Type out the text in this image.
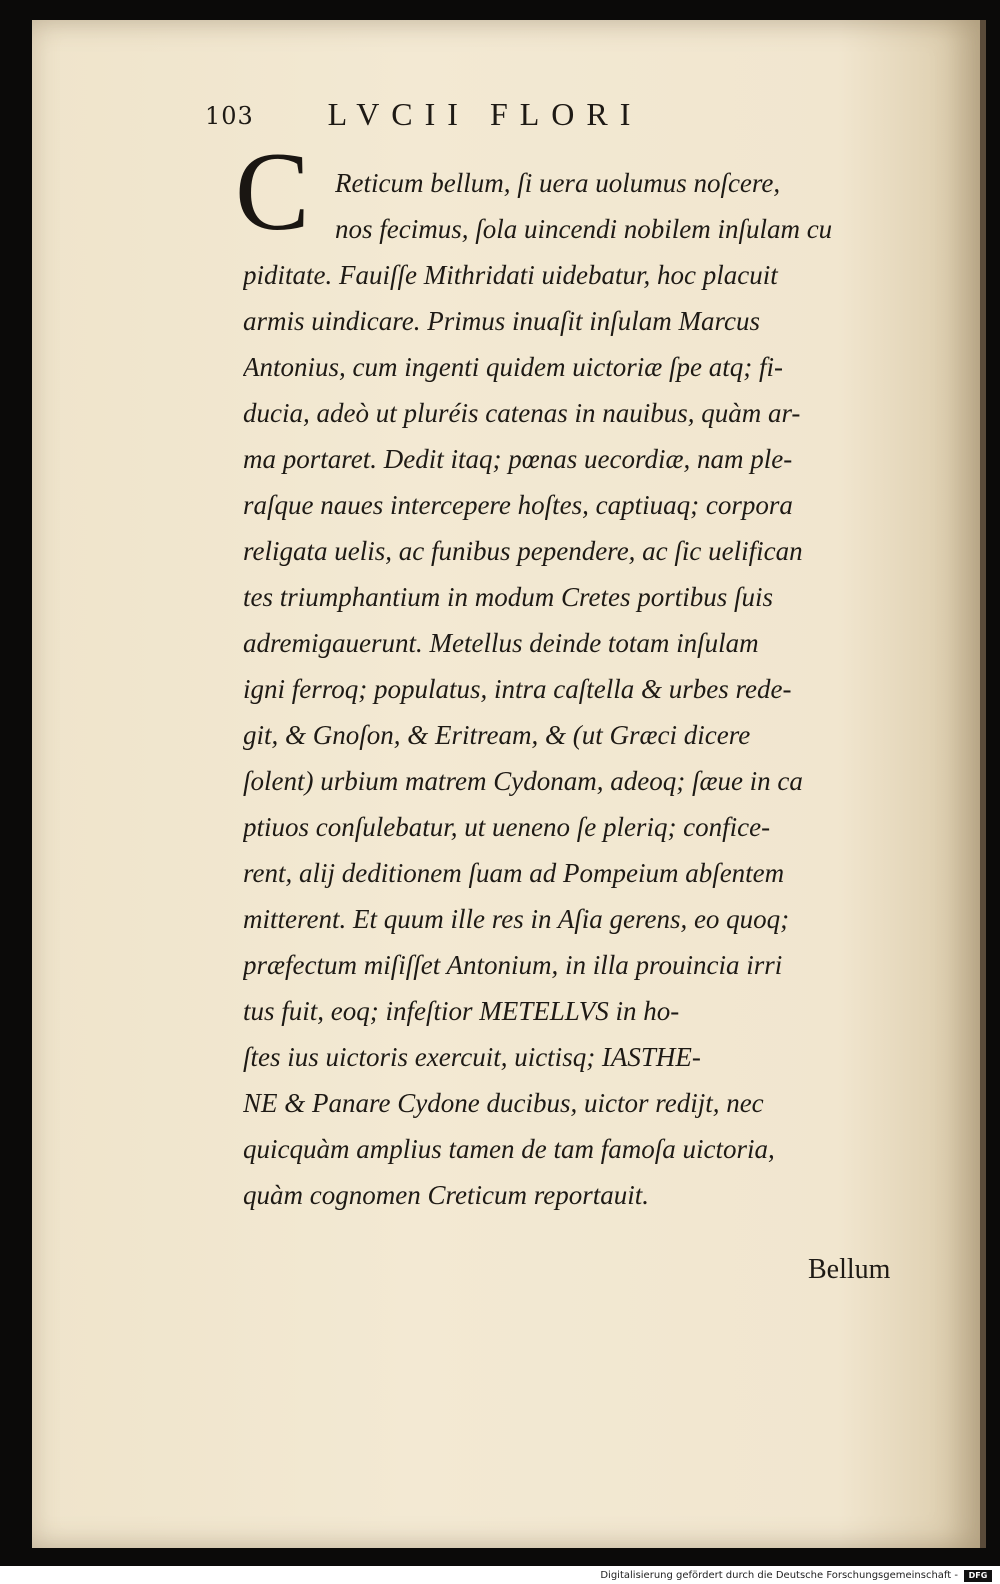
103	LVCII FLORI
C Reticum bellum, ſi uera uolumus noſcere,
nos fecimus, ſola uincendi nobilem inſulam cu
piditate. Fauiſſe Mithridati uidebatur, hoc placuit
armis uindicare. Primus inuaſit inſulam Marcus
Antonius, cum ingenti quidem uictoriæ ſpe atq; fi-
ducia, adeò ut pluréis catenas in nauibus, quàm ar-
ma portaret. Dedit itaq; pœnas uecordiæ, nam ple-
raſque naues intercepere hoſtes, captiuaq; corpora
religata uelis, ac funibus pependere, ac ſic uelifican
tes triumphantium in modum Cretes portibus ſuis
adremigauerunt. Metellus deinde totam inſulam
igni ferroq; populatus, intra caſtella & urbes rede-
git, & Gnoſon, & Eritream, & (ut Græci dicere
ſolent) urbium matrem Cydonam, adeoq; ſæue in ca
ptiuos conſulebatur, ut ueneno ſe pleriq; confice-
rent, alij deditionem ſuam ad Pompeium abſentem
mitterent. Et quum ille res in Aſia gerens, eo quoq;
præfectum miſiſſet Antonium, in illa prouincia irri
tus fuit, eoq; infeſtior METELLVS in ho-
ſtes ius uictoris exercuit, uictisq; IASTHE-
NE & Panare Cydone ducibus, uictor redijt, nec
quicquàm amplius tamen de tam famoſa uictoria,
quàm cognomen Creticum reportauit.
Bellum
Digitalisierung gefördert durch die Deutsche Forschungsgemeinschaft -	DFG
